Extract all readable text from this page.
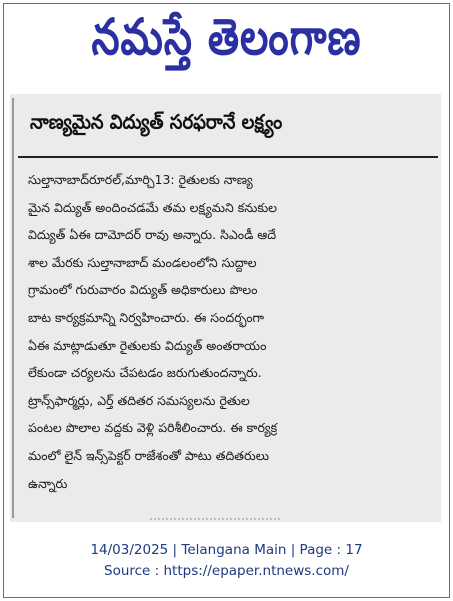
నమస్తే తెలంగాణ
నాణ్యమైన విద్యుత్ సరఫరానే లక్ష్యం
సుల్తానాబాద్‌రూరల్,మార్చి13: రైతులకు నాణ్య
మైన విద్యుత్ అందించడమే తమ లక్ష్యమని కనుకుల
విద్యుత్ ఏఈ దామోదర్ రావు అన్నారు. సిఎండీ ఆదే
శాల మేరకు సుల్తానాబాద్ మండలంలోని సుద్దాల
గ్రామంలో గురువారం విద్యుత్ అధికారులు పొలం
బాట కార్యక్రమాన్ని నిర్వహించారు. ఈ సందర్భంగా
ఏఈ మాట్లాడుతూ రైతులకు విద్యుత్ అంతరాయం
లేకుండా చర్యలను చేపటడం జరుగుతుందన్నారు.
ట్రాన్స్‌ఫార్మర్లు, ఎర్త్ తదితర సమస్యలను రైతుల
పంటల పొలాల వద్దకు వెళ్లి పరిశీలించారు. ఈ కార్యక్ర
మంలో లైన్ ఇన్స్‌పెక్టర్ రాజేశంతో పాటు తదితరులు
ఉన్నారు
14/03/2025 | Telangana Main | Page : 17
Source : https://epaper.ntnews.com/
